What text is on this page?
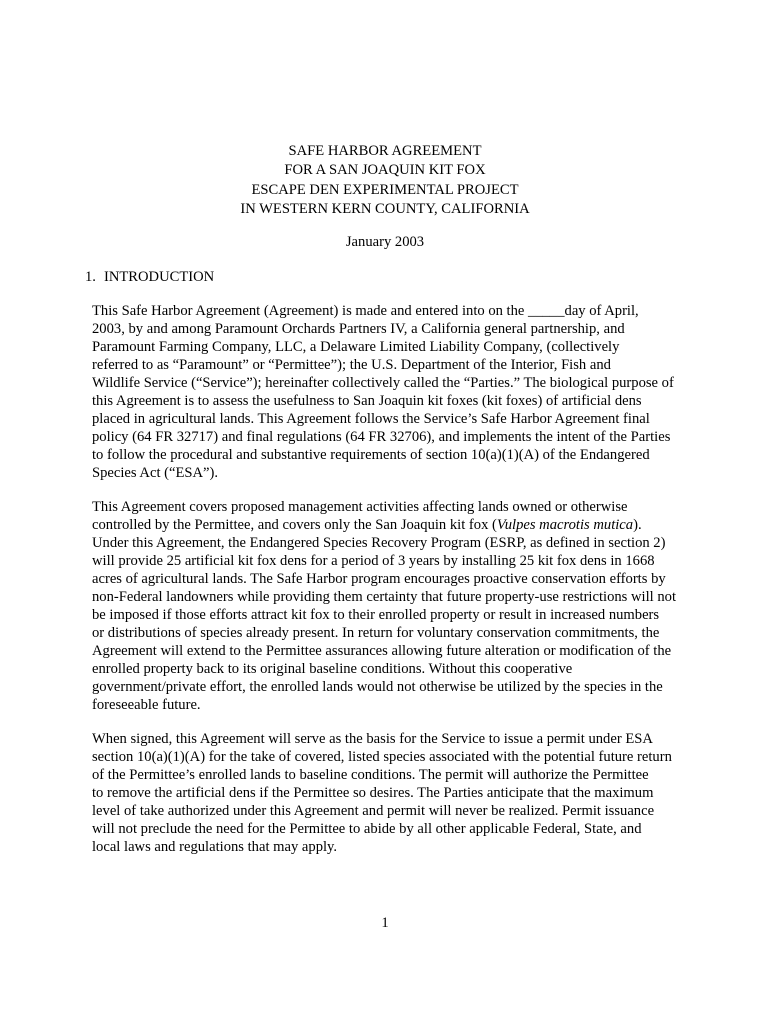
SAFE HARBOR AGREEMENT
FOR A SAN JOAQUIN KIT FOX
ESCAPE DEN EXPERIMENTAL PROJECT
IN WESTERN KERN COUNTY, CALIFORNIA
January 2003
1. INTRODUCTION
This Safe Harbor Agreement (Agreement) is made and entered into on the _____day of April,
2003, by and among Paramount Orchards Partners IV, a California general partnership, and
Paramount Farming Company, LLC, a Delaware Limited Liability Company, (collectively
referred to as “Paramount” or “Permittee”); the U.S. Department of the Interior, Fish and
Wildlife Service (“Service”); hereinafter collectively called the “Parties.” The biological purpose of
this Agreement is to assess the usefulness to San Joaquin kit foxes (kit foxes) of artificial dens
placed in agricultural lands. This Agreement follows the Service’s Safe Harbor Agreement final
policy (64 FR 32717) and final regulations (64 FR 32706), and implements the intent of the Parties
to follow the procedural and substantive requirements of section 10(a)(1)(A) of the Endangered
Species Act (“ESA”).
This Agreement covers proposed management activities affecting lands owned or otherwise
controlled by the Permittee, and covers only the San Joaquin kit fox (Vulpes macrotis mutica).
Under this Agreement, the Endangered Species Recovery Program (ESRP, as defined in section 2)
will provide 25 artificial kit fox dens for a period of 3 years by installing 25 kit fox dens in 1668
acres of agricultural lands. The Safe Harbor program encourages proactive conservation efforts by
non-Federal landowners while providing them certainty that future property-use restrictions will not
be imposed if those efforts attract kit fox to their enrolled property or result in increased numbers
or distributions of species already present. In return for voluntary conservation commitments, the
Agreement will extend to the Permittee assurances allowing future alteration or modification of the
enrolled property back to its original baseline conditions. Without this cooperative
government/private effort, the enrolled lands would not otherwise be utilized by the species in the
foreseeable future.
When signed, this Agreement will serve as the basis for the Service to issue a permit under ESA
section 10(a)(1)(A) for the take of covered, listed species associated with the potential future return
of the Permittee’s enrolled lands to baseline conditions. The permit will authorize the Permittee
to remove the artificial dens if the Permittee so desires. The Parties anticipate that the maximum
level of take authorized under this Agreement and permit will never be realized. Permit issuance
will not preclude the need for the Permittee to abide by all other applicable Federal, State, and
local laws and regulations that may apply.
1
